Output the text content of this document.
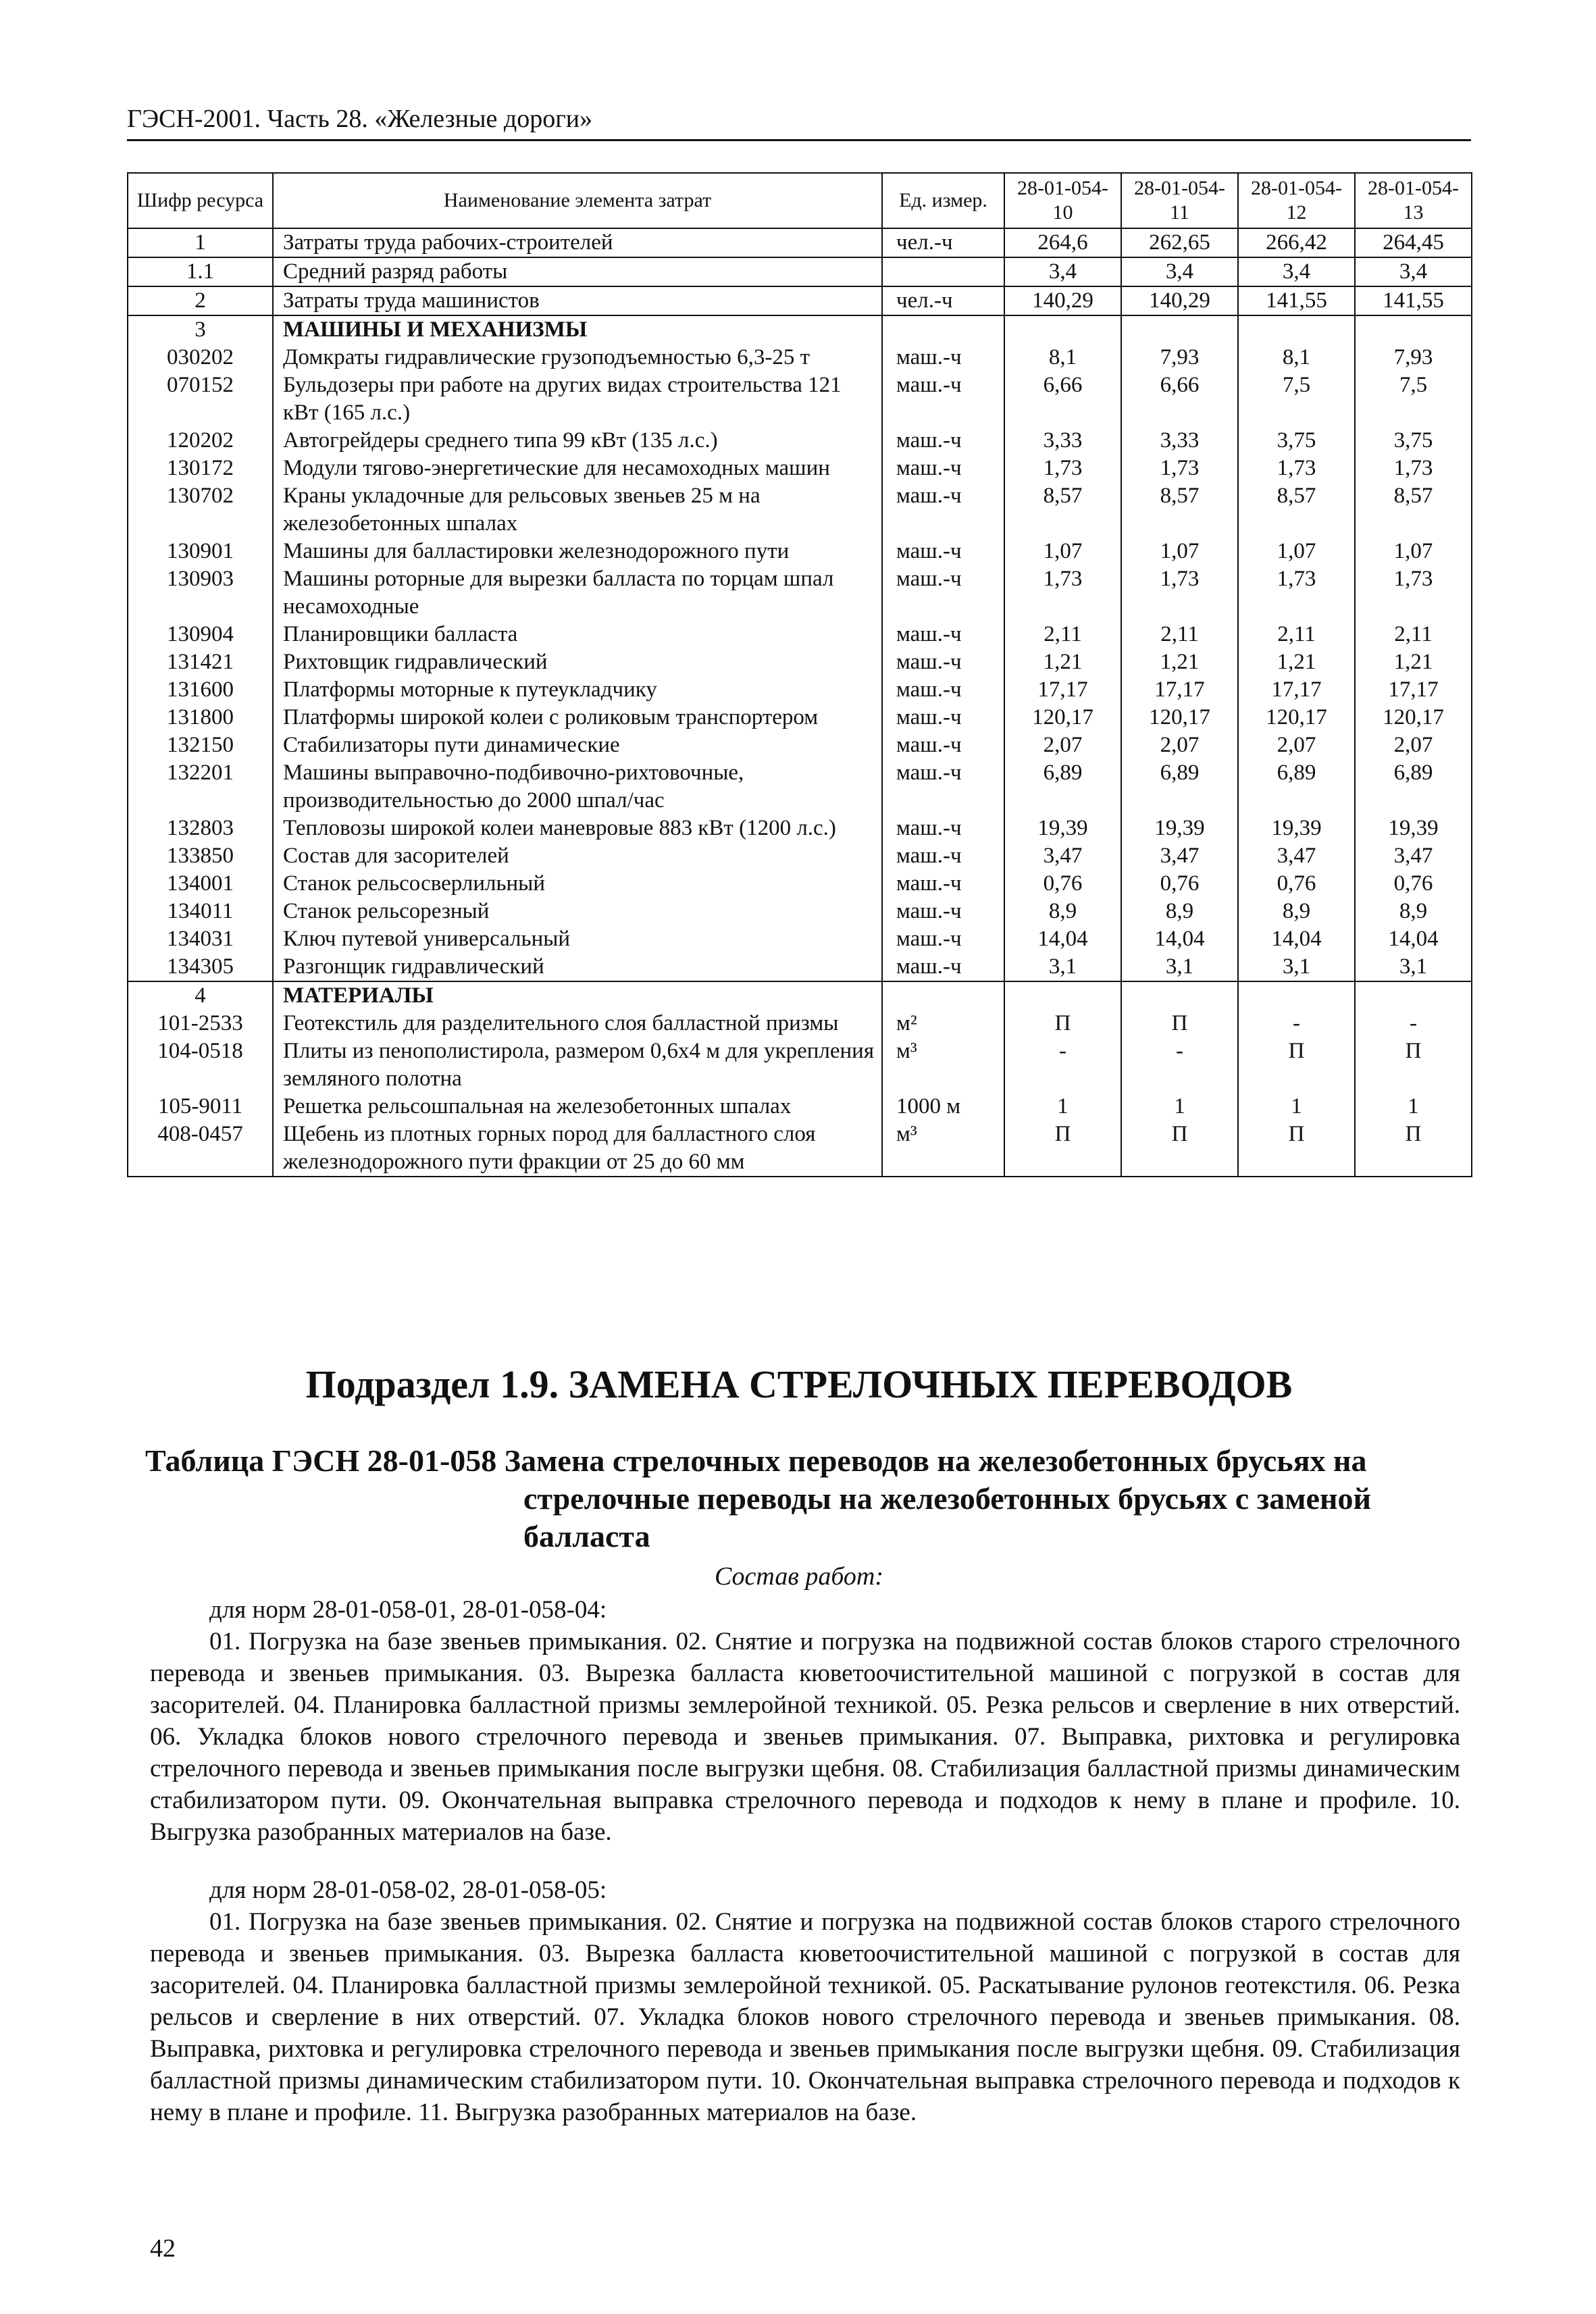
ГЭСН-2001. Часть 28. «Железные дороги»
Шифр ресурса	Наименование элемента затрат	Ед. измер.	28-01-054-10	28-01-054-11	28-01-054-12	28-01-054-13
1	Затраты труда рабочих-строителей	чел.-ч	264,6	262,65	266,42	264,45
1.1	Средний разряд работы		3,4	3,4	3,4	3,4
2	Затраты труда машинистов	чел.-ч	140,29	140,29	141,55	141,55
3	МАШИНЫ И МЕХАНИЗМЫ					
030202	Домкраты гидравлические грузоподъемностью 6,3-25 т	маш.-ч	8,1	7,93	8,1	7,93
070152	Бульдозеры при работе на других видах строительства 121 кВт (165 л.с.)	маш.-ч	6,66	6,66	7,5	7,5
120202	Автогрейдеры среднего типа 99 кВт (135 л.с.)	маш.-ч	3,33	3,33	3,75	3,75
130172	Модули тягово-энергетические для несамоходных машин	маш.-ч	1,73	1,73	1,73	1,73
130702	Краны укладочные для рельсовых звеньев 25 м на железобетонных шпалах	маш.-ч	8,57	8,57	8,57	8,57
130901	Машины для балластировки железнодорожного пути	маш.-ч	1,07	1,07	1,07	1,07
130903	Машины роторные для вырезки балласта по торцам шпал несамоходные	маш.-ч	1,73	1,73	1,73	1,73
130904	Планировщики балласта	маш.-ч	2,11	2,11	2,11	2,11
131421	Рихтовщик гидравлический	маш.-ч	1,21	1,21	1,21	1,21
131600	Платформы моторные к путеукладчику	маш.-ч	17,17	17,17	17,17	17,17
131800	Платформы широкой колеи с роликовым транспортером	маш.-ч	120,17	120,17	120,17	120,17
132150	Стабилизаторы пути динамические	маш.-ч	2,07	2,07	2,07	2,07
132201	Машины выправочно-подбивочно-рихтовочные, производительностью до 2000 шпал/час	маш.-ч	6,89	6,89	6,89	6,89
132803	Тепловозы широкой колеи маневровые 883 кВт (1200 л.с.)	маш.-ч	19,39	19,39	19,39	19,39
133850	Состав для засорителей	маш.-ч	3,47	3,47	3,47	3,47
134001	Станок рельсосверлильный	маш.-ч	0,76	0,76	0,76	0,76
134011	Станок рельсорезный	маш.-ч	8,9	8,9	8,9	8,9
134031	Ключ путевой универсальный	маш.-ч	14,04	14,04	14,04	14,04
134305	Разгонщик гидравлический	маш.-ч	3,1	3,1	3,1	3,1
4	МАТЕРИАЛЫ					
101-2533	Геотекстиль для разделительного слоя балластной призмы	м²	П	П	-	-
104-0518	Плиты из пенополистирола, размером 0,6х4 м для укрепления земляного полотна	м³	-	-	П	П
105-9011	Решетка рельсошпальная на железобетонных шпалах	1000 м	1	1	1	1
408-0457	Щебень из плотных горных пород для балластного слоя железнодорожного пути фракции от 25 до 60 мм	м³	П	П	П	П
Подраздел 1.9. ЗАМЕНА СТРЕЛОЧНЫХ ПЕРЕВОДОВ
Таблица ГЭСН 28-01-058 Замена стрелочных переводов на железобетонных брусьях на
стрелочные переводы на железобетонных брусьях с заменой балласта
Состав работ:
для норм 28-01-058-01, 28-01-058-04:

01. Погрузка на базе звеньев примыкания. 02. Снятие и погрузка на подвижной состав блоков старого стрелочного перевода и звеньев примыкания. 03. Вырезка балласта кюветоочистительной машиной с погрузкой в состав для засорителей. 04. Планировка балластной призмы землеройной техникой. 05. Резка рельсов и сверление в них отверстий. 06. Укладка блоков нового стрелочного перевода и звеньев примыкания. 07. Выправка, рихтовка и регулировка стрелочного перевода и звеньев примыкания после выгрузки щебня. 08. Стабилизация балластной призмы динамическим стабилизатором пути. 09. Окончательная выправка стрелочного перевода и подходов к нему в плане и профиле. 10. Выгрузка разобранных материалов на базе.

для норм 28-01-058-02, 28-01-058-05:

01. Погрузка на базе звеньев примыкания. 02. Снятие и погрузка на подвижной состав блоков старого стрелочного перевода и звеньев примыкания. 03. Вырезка балласта кюветоочистительной машиной с погрузкой в состав для засорителей. 04. Планировка балластной призмы землеройной техникой. 05. Раскатывание рулонов геотекстиля. 06. Резка рельсов и сверление в них отверстий. 07. Укладка блоков нового стрелочного перевода и звеньев примыкания. 08. Выправка, рихтовка и регулировка стрелочного перевода и звеньев примыкания после выгрузки щебня. 09. Стабилизация балластной призмы динамическим стабилизатором пути. 10. Окончательная выправка стрелочного перевода и подходов к нему в плане и профиле. 11. Выгрузка разобранных материалов на базе.

42
